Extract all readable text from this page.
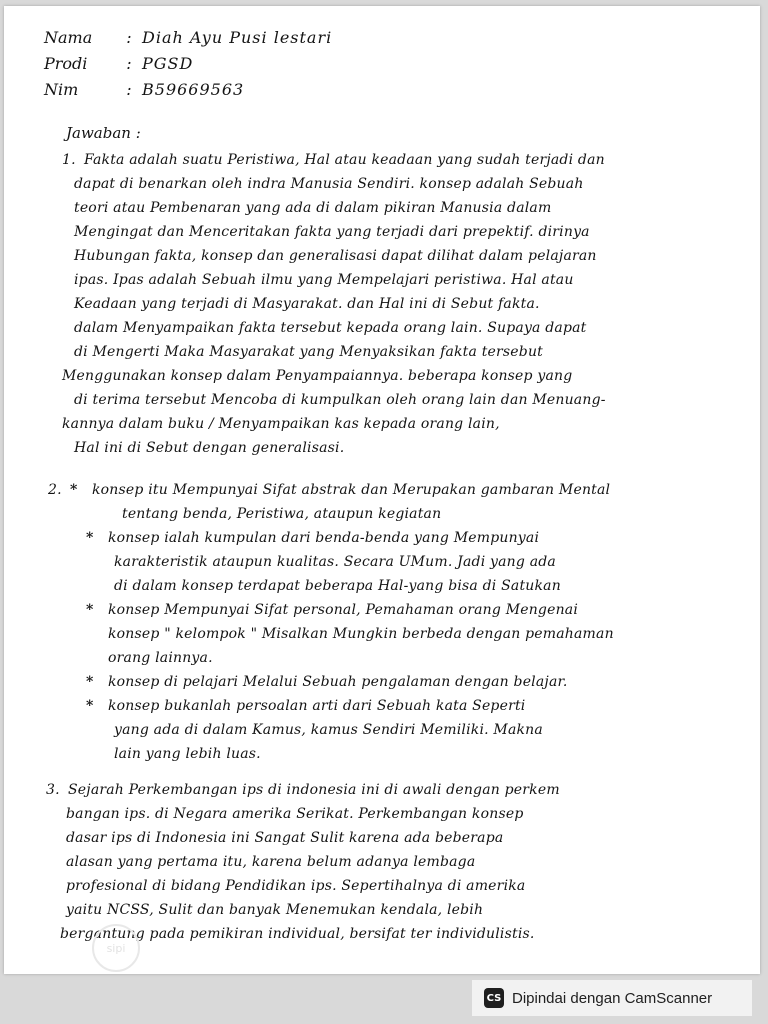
Nama : Diah Ayu Pusi lestari
Prodi : PGSD
Nim	: B59669563
Jawaban :
1. Fakta adalah suatu Peristiwa, Hal atau keadaan yang sudah terjadi dan
dapat di benarkan oleh indra Manusia Sendiri. konsep adalah Sebuah
teori atau Pembenaran yang ada di dalam pikiran Manusia dalam
Mengingat dan Menceritakan fakta yang terjadi dari prepektif. dirinya
Hubungan fakta, konsep dan generalisasi dapat dilihat dalam pelajaran
ipas. Ipas adalah Sebuah ilmu yang Mempelajari peristiwa. Hal atau
Keadaan yang terjadi di Masyarakat. dan Hal ini di Sebut fakta.
dalam Menyampaikan fakta tersebut kepada orang lain. Supaya dapat
di Mengerti Maka Masyarakat yang Menyaksikan fakta tersebut
Menggunakan konsep dalam Penyampaiannya. beberapa konsep yang
di terima tersebut Mencoba di kumpulkan oleh orang lain dan Menuang-
kannya dalam buku / Menyampaikan kas kepada orang lain,
Hal ini di Sebut dengan generalisasi.
2. * konsep itu Mempunyai Sifat abstrak dan Merupakan gambaran Mental
tentang benda, Peristiwa, ataupun kegiatan
* konsep ialah kumpulan dari benda-benda yang Mempunyai
karakteristik ataupun kualitas. Secara UMum. Jadi yang ada
di dalam konsep terdapat beberapa Hal-yang bisa di Satukan
* konsep Mempunyai Sifat personal, Pemahaman orang Mengenai
konsep " kelompok " Misalkan Mungkin berbeda dengan pemahaman
orang lainnya.
* konsep di pelajari Melalui Sebuah pengalaman dengan belajar.
* konsep bukanlah persoalan arti dari Sebuah kata Seperti
yang ada di dalam Kamus, kamus Sendiri Memiliki. Makna
lain yang lebih luas.
3. Sejarah Perkembangan ips di indonesia ini di awali dengan perkem
bangan ips. di Negara amerika Serikat. Perkembangan konsep
dasar ips di Indonesia ini Sangat Sulit karena ada beberapa
alasan yang pertama itu, karena belum adanya lembaga
profesional di bidang Pendidikan ips. Sepertihalnya di amerika
yaitu NCSS, Sulit dan banyak Menemukan kendala, lebih
bergantung pada pemikiran individual, bersifat ter individulistis.
sipi
CS Dipindai dengan CamScanner
